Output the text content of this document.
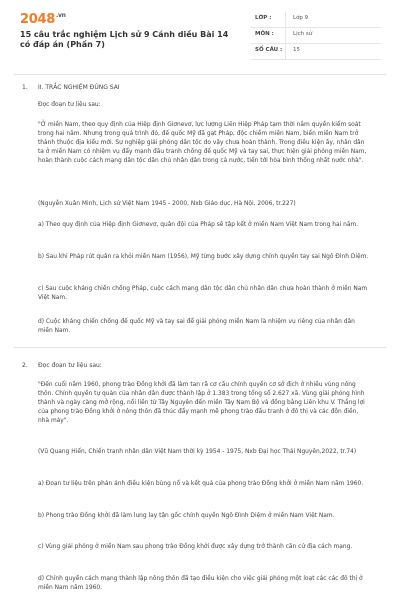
$2048^{.vn}$
15 câu trắc nghiệm Lịch sử 9 Cánh diều Bài 14 có đáp án (Phần 7)
LỚP :	Lớp 9
MÔN :	Lịch sử
SỐ CÂU : 15
1. II. TRẮC NGHIỆM ĐÚNG SAI
Đọc đoạn tư liệu sau:
"Ở miền Nam, theo quy định của Hiệp định Giơnevơ, lực lượng Liên Hiệp Pháp tạm thời nắm quyền kiểm soát trong hai năm. Nhưng trong quá trình đó, đế quốc Mỹ đã gạt Pháp, độc chiếm miền Nam, biến miền Nam trở thành thuộc địa kiểu mới. Sự nghiệp giải phóng dân tộc do vậy chưa hoàn thành. Trong điều kiện ấy, nhân dân ta ở miền Nam có nhiệm vụ đẩy mạnh đấu tranh chống đế quốc Mỹ và tay sai, thực hiện giải phóng miền Nam, hoàn thành cuộc cách mạng dân tộc dân chủ nhân dân trong cả nước, tiến tới hòa bình thống nhất nước nhà".
(Nguyễn Xuân Minh, Lịch sử Việt Nam 1945 - 2000, Nxb Giáo dục, Hà Nội, 2006, tr.227)
a) Theo quy định của Hiệp định Giơnevơ, quân đội của Pháp sẽ tập kết ở miền Nam Việt Nam trong hai năm.
b) Sau khi Pháp rút quân ra khỏi miền Nam (1956), Mỹ từng bước xây dựng chính quyền tay sai Ngô Đình Diệm.
c) Sau cuộc kháng chiến chống Pháp, cuộc cách mạng dân tộc dân chủ nhân dân chưa hoàn thành ở miền Nam Việt Nam.
d) Cuộc kháng chiến chống đế quốc Mỹ và tay sai để giải phóng miền Nam là nhiệm vụ riêng của nhân dân miền Nam.
2. Đọc đoạn tư liệu sau:
"Đến cuối năm 1960, phong trào Đồng khởi đã làm tan rã cơ cấu chính quyền cơ sở địch ở nhiều vùng nông thôn. Chính quyền tự quản của nhân dân được thành lập ở 1.383 trong tổng số 2.627 xã. Vùng giải phóng hình thành và ngày càng mở rộng, nối liền từ Tây Nguyên đến miền Tây Nam Bộ và đồng bằng Liên khu V. Thắng lợi của phong trào Đồng khởi ở nông thôn đã thúc đẩy mạnh mẽ phong trào đấu tranh ở đô thị và các đồn điền, nhà máy".
(Vũ Quang Hiển, Chiến tranh nhân dân Việt Nam thời kỳ 1954 - 1975, Nxb Đại học Thái Nguyên,2022, tr.74)
a) Đoạn tư liệu trên phản ánh điều kiện bùng nổ và kết quả của phong trào Đồng khởi ở miền Nam năm 1960.
b) Phong trào Đồng khởi đã làm lung lay tận gốc chính quyền Ngô Đình Diệm ở miền Nam Việt Nam.
c) Vùng giải phóng ở miền Nam sau phong trào Đồng khởi được xây dựng trở thành căn cứ địa cách mạng.
d) Chính quyền cách mạng thành lập nông thôn đã tạo điều kiện cho việc giải phóng một loạt các các đô thị ở miền Nam năm 1960.
